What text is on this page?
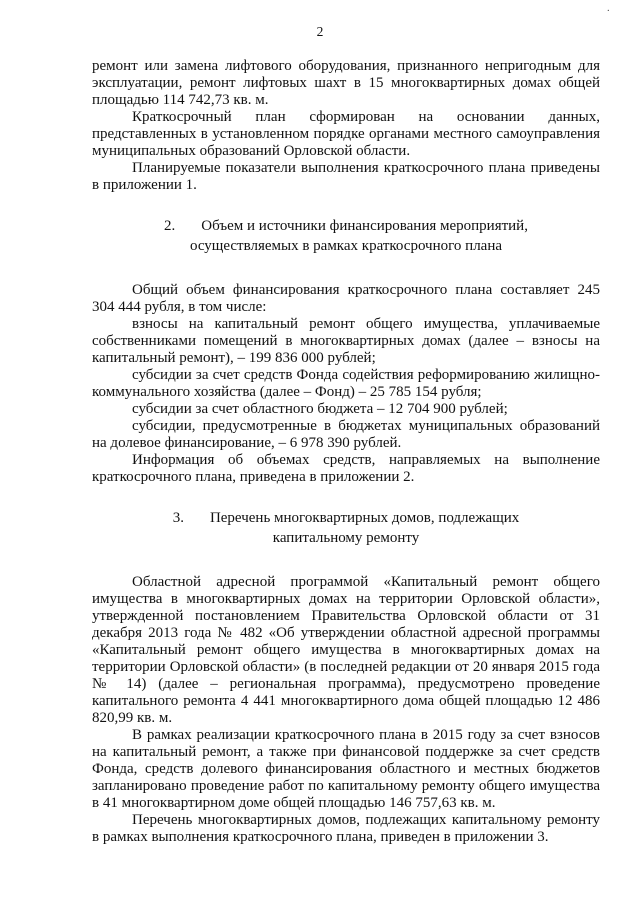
·
2

ремонт или замена лифтового оборудования, признанного непригодным для эксплуатации, ремонт лифтовых шахт в 15 многоквартирных домах общей площадью 114 742,73 кв. м.

Краткосрочный план сформирован на основании данных, представленных в установленном порядке органами местного самоуправления муниципальных образований Орловской области.

Планируемые показатели выполнения краткосрочного плана приведены в приложении 1.

2. Объем и источники финансирования мероприятий,
осуществляемых в рамках краткосрочного плана

Общий объем финансирования краткосрочного плана составляет 245 304 444 рубля, в том числе:

взносы на капитальный ремонт общего имущества, уплачиваемые собственниками помещений в многоквартирных домах (далее – взносы на капитальный ремонт), – 199 836 000 рублей;

субсидии за счет средств Фонда содействия реформированию жилищно-коммунального хозяйства (далее – Фонд) – 25 785 154 рубля;

субсидии за счет областного бюджета – 12 704 900 рублей;

субсидии, предусмотренные в бюджетах муниципальных образований на долевое финансирование, – 6 978 390 рублей.

Информация об объемах средств, направляемых на выполнение краткосрочного плана, приведена в приложении 2.

3. Перечень многоквартирных домов, подлежащих
капитальному ремонту

Областной адресной программой «Капитальный ремонт общего имущества в многоквартирных домах на территории Орловской области», утвержденной постановлением Правительства Орловской области от 31 декабря 2013 года № 482 «Об утверждении областной адресной программы «Капитальный ремонт общего имущества в многоквартирных домах на территории Орловской области» (в последней редакции от 20 января 2015 года № 14) (далее – региональная программа), предусмотрено проведение капитального ремонта 4 441 многоквартирного дома общей площадью 12 486 820,99 кв. м.

В рамках реализации краткосрочного плана в 2015 году за счет взносов на капитальный ремонт, а также при финансовой поддержке за счет средств Фонда, средств долевого финансирования областного и местных бюджетов запланировано проведение работ по капитальному ремонту общего имущества в 41 многоквартирном доме общей площадью 146 757,63 кв. м.

Перечень многоквартирных домов, подлежащих капитальному ремонту в рамках выполнения краткосрочного плана, приведен в приложении 3.
